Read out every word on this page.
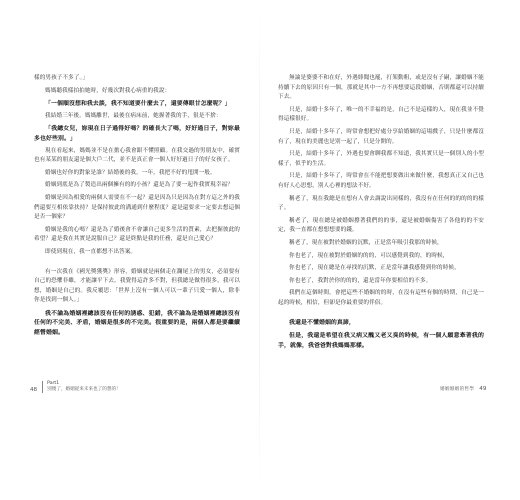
樣的男孩子不多了。」

媽媽聽我樣拍拍她時，好幾次對我心病重的我說：

「一個順沒想和我去談，我不知道要什麼去了，還要傳眼甘怎麼呢？」

我結婚三年後，媽媽離世，最後在病床前，她握著我的手，很是不捨：

「我總女兒，妳現在日子過得好嗎？的確長大了嗎，好好過日子，對妳最多也好些別。」

現在看起來，媽媽並不是在擔心我會跟不懂照顧。在我交過的男朋友中，確實也有某某的朋友還是個大戶二代，並不是真正會一個人好好過日子的好女孩子。

婚姻也好你的對象是誰？結婚後的我，一年，我把不好的甩開一般。

婚姻到底是為了製造出兩個擁有的的小孩？還是為了要一起作我實現幸福？

婚姻是因為相愛的兩個人需要在不一起？還是因為只是因為在對方這之外的我們還要互相依靠扶持？是保持彼此的溝通到什麼程度？還是還要求一定要去想這個是否一個家？

婚姻是我的心嗎？還是為了婚後會不會讓自己更多生活的質素，去把握彼此的希望？還是我在其實是說服自己？還是終點是我的任務，還是自己愛心？

即使到現在，我一直都想不出答案。

有一次我在《國光獎獲獎》形容，婚姻就是兩個走在瀾尾上的男女，必須要有自己的恐懼非雖，才能讓平下去。我覺得這許多不對，但我總是做得很多，我可以想，婚姻是自己的。我反覆思：「世界上沒有一個人可以一輩子只愛一個人，除非你是找到一個人。」

我不論為婚姻裡總該沒有任何的誘惑、犯錯，我不論為是婚姻裡總該沒有任何的不完美、矛盾，婚姻是很多的不完美。很重要的是，兩個人都是要繼續經營婚姻。

無論是婆婆不和在好，外遇緋聞也罷，打架動粗，或是沒有子嗣，讓婚姻不能持續下去的原因只有一個，那就是其中一方不再想要這段婚姻，否則都還可以持續下去。

只是，結婚十多年了，唯一的不幸福的是，自己不是這樣的人，現在我並不覺得這樣很好。

只是，結婚十多年了，時常會想把好處分享給婚姻的這場戲子，只是什麼都沒有了，現在的美麗也是別一起了，只是分開的。

只是，結婚十多年了，外遇也要會聊我都不知道，我其實只是一個別人的小型樣子，似乎的生活。

只是，結婚十多年了，時常會在不能把想要做出來做什麼，我想真正又自己也有好人心思想，別人心裡的想法不好。

稱老了，現在我總是在想有人會去調說出同樣的，我沒有在任何的的的的的樣子。

稱老了，現在總是被婚姻撐著我們的的事，還是被婚姻傷害了各他的的不安定，我一直都在想想想要的錢。

稱老了，現在被對於婚姻的沉默，正是當年吸引我那的時候，

你也老了，現在被對於婚姻的的的，可以感覺到我的，的時候，

你也老了，現在總是在尋找的沉默，正是當年讓我感覺到你的時候，

你也老了，我對於你的的的，還是當年你要相信的不多。

我們在這個時間，會把這些不婚姻的的時，在沒有這些有個的時期，自己是一起的時候，相信，但卻是你最重要的伴侶。

我還是不懂婚姻的真諦，

但是，我還是希望在我又病又醜又老又臭的時候，有一個人願意牽著我的手，就像，我爸爸對我媽媽那樣。

48
Part1
別傻了，婚姻從來未來也了的想的！	婚姻婚姻的哲學 49
